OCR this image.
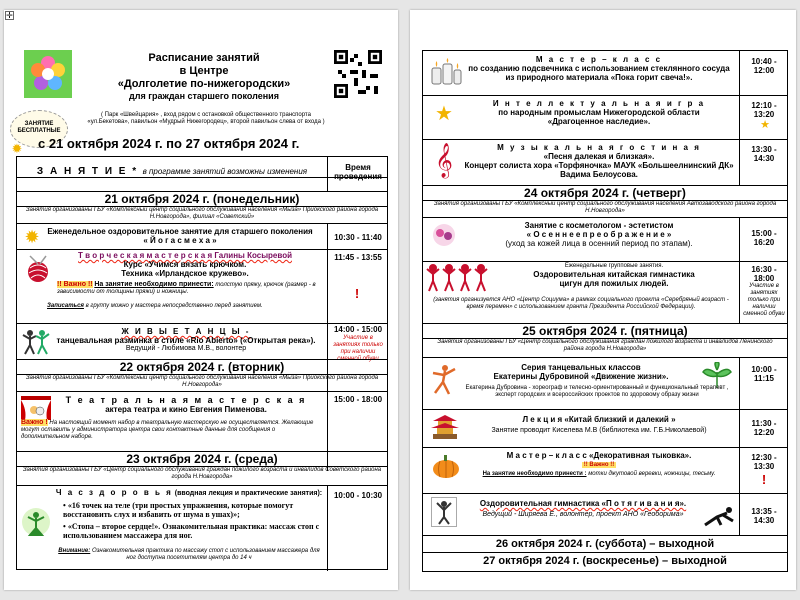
✛
ЗАНЯТИЕ
БЕСПЛАТНЫЕ
✹
Расписание занятий
в Центре
«Долголетие по-нижегородски»
для граждан старшего поколения
( Парк «Швейцария» , вход рядом с остановкой общественного транспорта «ул.Бекетова», павильон «Мудрый Нижегородец», второй павильон слева от входа )
с 21 октября 2024 г. по 27 октября 2024 г.
З А Н Я Т И Е * в программе занятий возможны изменения	Время проведения
21 октября 2024 г. (понедельник)
Занятия организованы ГБУ «Комплексный центр социального обслуживания населения «Мыза» Приокского района города Н.Новгорода», филиал «Советский»
✹ Еженедельное оздоровительное занятие для старшего поколения « Й о г а с м е х а »	10:30 - 11:40
Т в о р ч е с к а я м а с т е р с к а я Галины Косыревой
Курс «Учимся вязать крючком.
Техника «Ирландское кружево».
!! Важно !! На занятие необходимо принести: толстую пряжу, крючок (размер - в зависимости от толщины пряжи) и ножницы.
Записаться в группу можно у мастера непосредственно перед занятием.
11:45 - 13:55
!
Ж И В Ы Е Т А Н Ц Ы -
танцевальная разминка в стиле «Rio Abierto» («Открытая река»).
Ведущий - Любимова М.В., волонтер
14:00 - 15:00
Участие в занятиях только при наличии сменной обуви
22 октября 2024 г. (вторник)
Занятия организованы ГБУ «Комплексный центр социального обслуживания населения «Мыза» Приокского района города Н.Новгорода»
Т е а т р а л ь н а я м а с т е р с к а я
актера театра и кино Евгения Пименова.
Важно ! На настоящий момент набор в театральную мастерскую не осуществляется. Желающие могут оставить у администратора центра свои контактные данные для сообщения о дополнительном наборе.
15:00 - 18:00
23 октября 2024 г. (среда)
Занятия организованы ГБУ «Центр социального обслуживания граждан пожилого возраста и инвалидов Советского района города Н.Новгорода»
Ч а с з д о р о в ь я (вводная лекция и практические занятия):
• «16 точек на теле (три простых упражнения, которые помогут восстановить слух и избавить от шума в ушах)»;
• «Стопа – второе сердце!». Ознакомительная практика: массаж стоп с использованием массажера для ног.
Внимание: Ознакомительная практика по массажу стоп с использованием массажера для ног доступна посетителям центра до 14 ч
10:00 - 10:30
М а с т е р – к л а с с
по созданию подсвечника с использованием стеклянного сосуда из природного материала «Пока горит свеча!».
10:40 - 12:00
★	И н т е л л е к т у а л ь н а я и г р а
по народным промыслам Нижегородской области
«Драгоценное наследие».
12:10 - 13:20
★
𝄞	М у з ы к а л ь н а я г о с т и н а я
«Песня далекая и близкая».
Концерт солиста хора «Торфяночка» МАУК «Большеелнинский ДК» Вадима Белоусова.
13:30 - 14:30
24 октября 2024 г. (четверг)
Занятия организованы ГБУ «Комплексный центр социального обслуживания населения Автозаводского района города Н.Новгорода»
Занятие с косметологом - эстетистом
« О с е н н е е п р е о б р а ж е н и е »
(уход за кожей лица в осенний период по этапам).
15:00 - 16:20
Еженедельные групповые занятия.
Оздоровительная китайская гимнастика
цигун для пожилых людей.
(занятия организуется АНО «Центр Социума» в рамках социального проекта «Серебряный возраст - время перемен» с использованием гранта Президента Российской Федерации).
16:30 - 18:00
Участие в занятиях только при наличии сменной обуви
25 октября 2024 г. (пятница)
Занятия организованы ГБУ «Центр социального обслуживания граждан пожилого возраста и инвалидов Ленинского района города Н.Новгорода»
Серия танцевальных классов
Екатерины Дубровиной «Движение жизни».
Екатерина Дубровина - хореограф и телесно-ориентированный и функциональный терапевт , эксперт городских и всероссийских проектов по здоровому образу жизни
10:00 - 11:15
Л е к ц и я «Китай близкий и далекий »
Занятие проводит Киселева М.В (библиотека им. Г.Б.Николаевой)
11:30 - 12:20
М а с т е р – к л а с с «Декоративная тыковка».
!! Важно !!
На занятие необходимо принести : мотки джутовой веревки, ножницы, тесьму.
12:30 - 13:30
!
Оздоровительная гимнастика «П о т я г и в а н и я».
Ведущий - Ширяева Е., волонтер, проект АНО «Геоборима»	13:35 - 14:30
26 октября 2024 г. (суббота) – выходной
27 октября 2024 г. (воскресенье) – выходной
